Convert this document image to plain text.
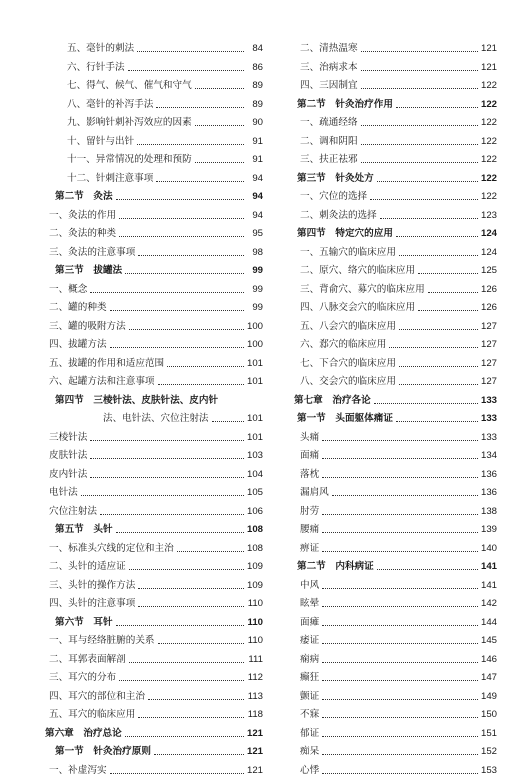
五、毫针的刺法	84
六、行针手法	86
七、得气、候气、催气和守气	89
八、毫针的补泻手法	89
九、影响针刺补泻效应的因素	90
十、留针与出针	91
十一、异常情况的处理和预防	91
十二、针刺注意事项	94
第二节　灸法	94
一、灸法的作用	94
二、灸法的种类	95
三、灸法的注意事项	98
第三节　拔罐法	99
一、概念	99
二、罐的种类	99
三、罐的吸附方法	100
四、拔罐方法	100
五、拔罐的作用和适应范围	101
六、起罐方法和注意事项	101
第四节　三棱针法、皮肤针法、皮内针
法、电针法、穴位注射法	101
三棱针法	101
皮肤针法	103
皮内针法	104
电针法	105
穴位注射法	106
第五节　头针	108
一、标准头穴线的定位和主治	108
二、头针的适应证	109
三、头针的操作方法	109
四、头针的注意事项	110
第六节　耳针	110
一、耳与经络脏腑的关系	110
二、耳郭表面解剖	111
三、耳穴的分布	112
四、耳穴的部位和主治	113
五、耳穴的临床应用	118
第六章　治疗总论	121
第一节　针灸治疗原则	121
一、补虚泻实	121
二、清热温寒	121
三、治病求本	121
四、三因制宜	122
第二节　针灸治疗作用	122
一、疏通经络	122
二、调和阴阳	122
三、扶正祛邪	122
第三节　针灸处方	122
一、穴位的选择	122
二、刺灸法的选择	123
第四节　特定穴的应用	124
一、五输穴的临床应用	124
二、原穴、络穴的临床应用	125
三、背俞穴、募穴的临床应用	126
四、八脉交会穴的临床应用	126
五、八会穴的临床应用	127
六、郄穴的临床应用	127
七、下合穴的临床应用	127
八、交会穴的临床应用	127
第七章　治疗各论	133
第一节　头面躯体痛证	133
头痛	133
面痛	134
落枕	136
漏肩风	136
肘劳	138
腰痛	139
痹证	140
第二节　内科病证	141
中风	141
眩晕	142
面瘫	144
痿证	145
痫病	146
癫狂	147
颤证	149
不寐	150
郁证	151
痴呆	152
心悸	153
